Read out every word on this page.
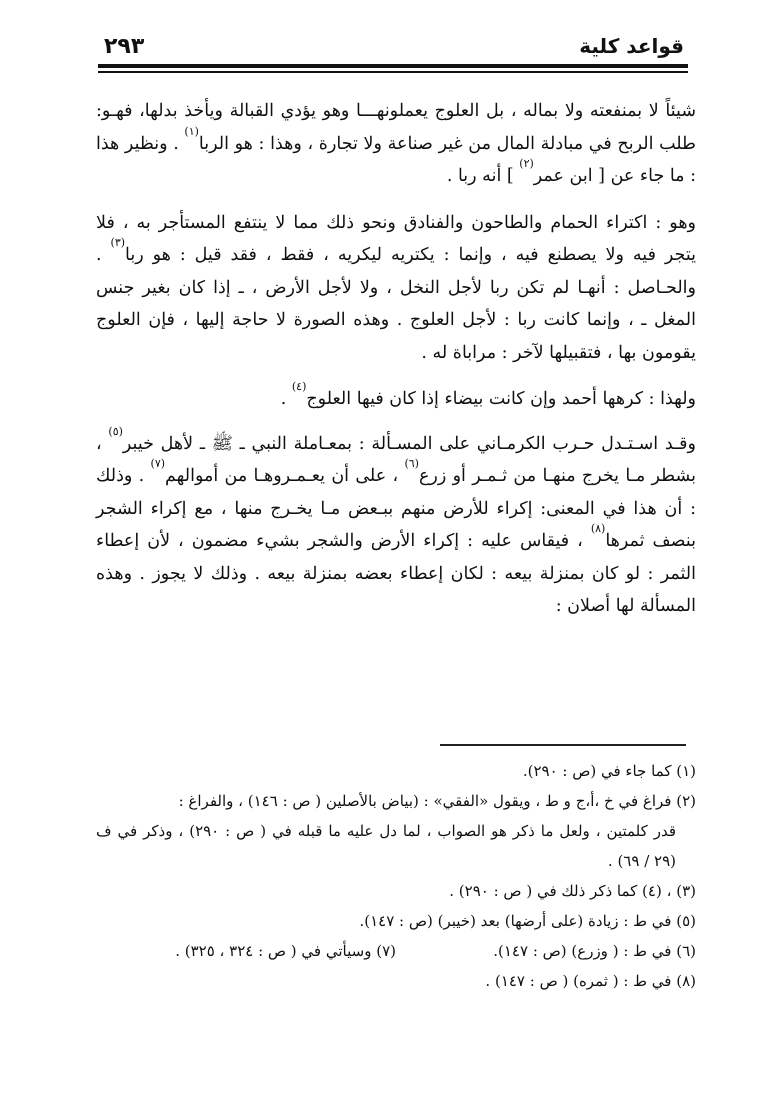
٢٩٣	قواعد كلية

شيئاً لا بمنفعته ولا بماله ، بل العلوج يعملونهـــا وهو يؤدي القبالة ويأخذ بدلها، فهـو: طلب الربح في مبادلة المال من غير صناعة ولا تجارة ، وهذا : هو الربا$^{(١)}$ . ونظير هذا : ما جاء عن [ ابن عمر$^{(٢)}$ ] أنه ربا .

وهو : اكتراء الحمام والطاحون والفنادق ونحو ذلك مما لا ينتفع المستأجر به ، فلا يتجر فيه ولا يصطنع فيه ، وإنما : يكتريه ليكريه ، فقط ، فقد قيل : هو ربا$^{(٣)}$ . والحـاصل : أنهـا لم تكن ربا لأجل النخل ، ولا لأجل الأرض ، ـ إذا كان بغير جنس المغل ـ ، وإنما كانت ربا : لأجل العلوج . وهذه الصورة لا حاجة إليها ، فإن العلوج يقومون بها ، فتقبيلها لآخر : مراباة له .

ولهذا : كرهها أحمد وإن كانت بيضاء إذا كان فيها العلوج$^{(٤)}$ .

وقـد اسـتـدل حـرب الكرمـاني على المسـألة : بمعـاملة النبي ـ ﷺ ـ لأهل خيبر$^{(٥)}$ ، بشطر مـا يخرج منهـا من ثـمـر أو زرع$^{(٦)}$ ، على أن يعـمـروهـا من أموالهم$^{(٧)}$ . وذلك : أن هذا في المعنى: إكراء للأرض منهم ببـعض مـا يخـرج منها ، مع إكراء الشجر بنصف ثمرها$^{(٨)}$ ، فيقاس عليه : إكراء الأرض والشجر بشيء مضمون ، لأن إعطاء الثمر : لو كان بمنزلة بيعه : لكان إعطاء بعضه بمنزلة بيعه . وذلك لا يجوز . وهذه المسألة لها أصلان :

(١) كما جاء في (ص : ٢٩٠).
(٢) فراغ في خ ،أ،ج و ط ، ويقول «الفقي» : (بياض بالأصلين ( ص : ١٤٦) ، والفراغ :
قدر كلمتين ، ولعل ما ذكر هو الصواب ، لما دل عليه ما قبله في ( ص : ٢٩٠) ، وذكر في ف (٢٩ / ٦٩) .
(٣) ، (٤) كما ذكر ذلك في ( ص : ٢٩٠) .
(٥) في ط : زيادة (على أرضها) بعد (خيبر) (ص : ١٤٧).
(٦) في ط : ( وزرع) (ص : ١٤٧).
(٧) وسيأتي في ( ص : ٣٢٤ ، ٣٢٥) .
(٨) في ط : ( ثمره) ( ص : ١٤٧) .
